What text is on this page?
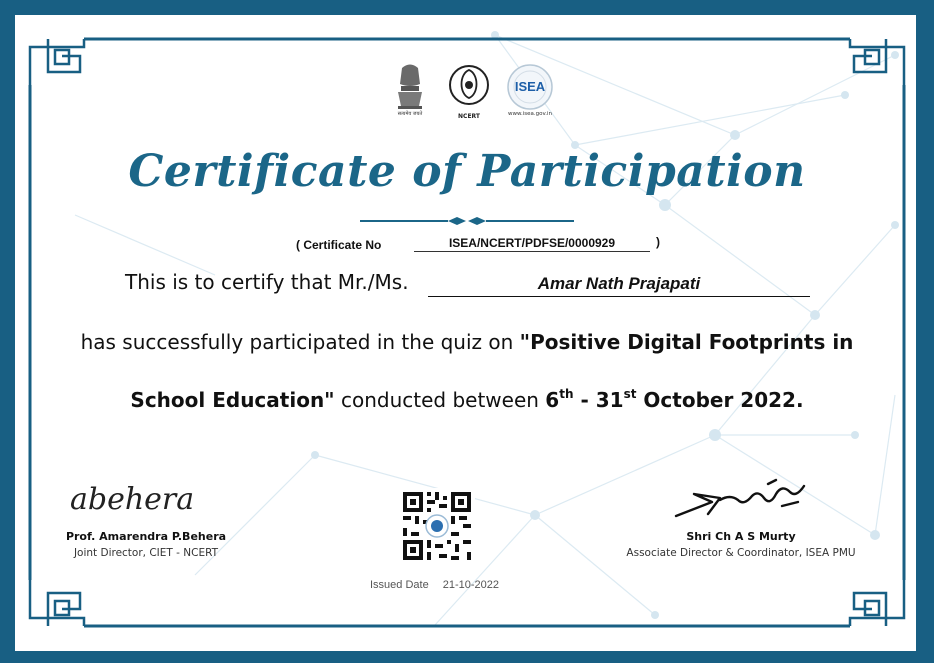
सत्यमेव जयते	NCERT
ISEA
www.isea.gov.in
Certificate of Participation
( Certificate No	ISEA/NCERT/PDFSE/0000929	)
This is to certify that Mr./Ms.	Amar Nath Prajapati
has successfully participated in the quiz on "Positive Digital Footprints in
School Education" conducted between 6th - 31st October 2022.
abehera
Prof. Amarendra P.Behera
Joint Director, CIET - NCERT
Shri Ch A S Murty
Associate Director & Coordinator, ISEA PMU
Issued Date 21-10-2022
